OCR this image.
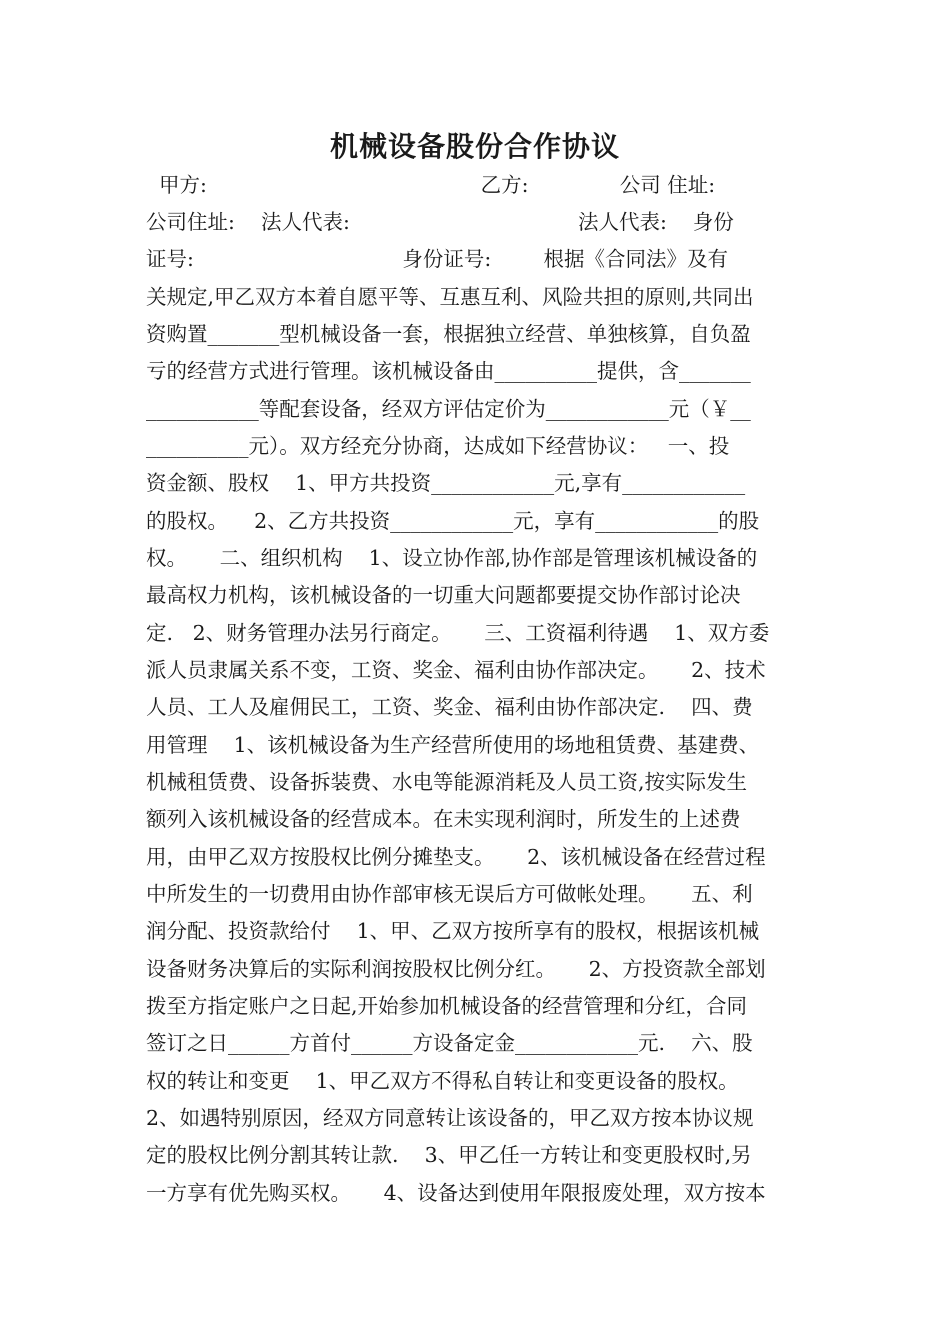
机械设备股份合作协议
甲方:                                          乙方:              公司 住址:
公司住址:    法人代表:                                   法人代表:    身份
证号:                                身份证号:        根据《合同法》及有
关规定,甲乙双方本着自愿平等、互惠互利、风险共担的原则,共同出
资购置_______型机械设备一套，根据独立经营、单独核算，自负盈
亏的经营方式进行管理。该机械设备由__________提供，含_______
___________等配套设备，经双方评估定价为____________元（￥__
__________元）。双方经充分协商，达成如下经营协议：   一、投
资金额、股权    1、甲方共投资____________元,享有____________
的股权。    2、乙方共投资____________元，享有____________的股
权。     二、组织机构    1、设立协作部,协作部是管理该机械设备的
最高权力机构，该机械设备的一切重大问题都要提交协作部讨论决
定.   2、财务管理办法另行商定。     三、工资福利待遇    1、双方委
派人员隶属关系不变，工资、奖金、福利由协作部决定。     2、技术
人员、工人及雇佣民工，工资、奖金、福利由协作部决定.    四、费
用管理    1、该机械设备为生产经营所使用的场地租赁费、基建费、
机械租赁费、设备拆装费、水电等能源消耗及人员工资,按实际发生
额列入该机械设备的经营成本。在未实现利润时，所发生的上述费
用，由甲乙双方按股权比例分摊垫支。     2、该机械设备在经营过程
中所发生的一切费用由协作部审核无误后方可做帐处理。     五、利
润分配、投资款给付    1、甲、乙双方按所享有的股权，根据该机械
设备财务决算后的实际利润按股权比例分红。     2、方投资款全部划
拨至方指定账户之日起,开始参加机械设备的经营管理和分红，合同
签订之日______方首付______方设备定金____________元.    六、股
权的转让和变更    1、甲乙双方不得私自转让和变更设备的股权。
2、如遇特别原因，经双方同意转让该设备的，甲乙双方按本协议规
定的股权比例分割其转让款.    3、甲乙任一方转让和变更股权时,另
一方享有优先购买权。     4、设备达到使用年限报废处理，双方按本
